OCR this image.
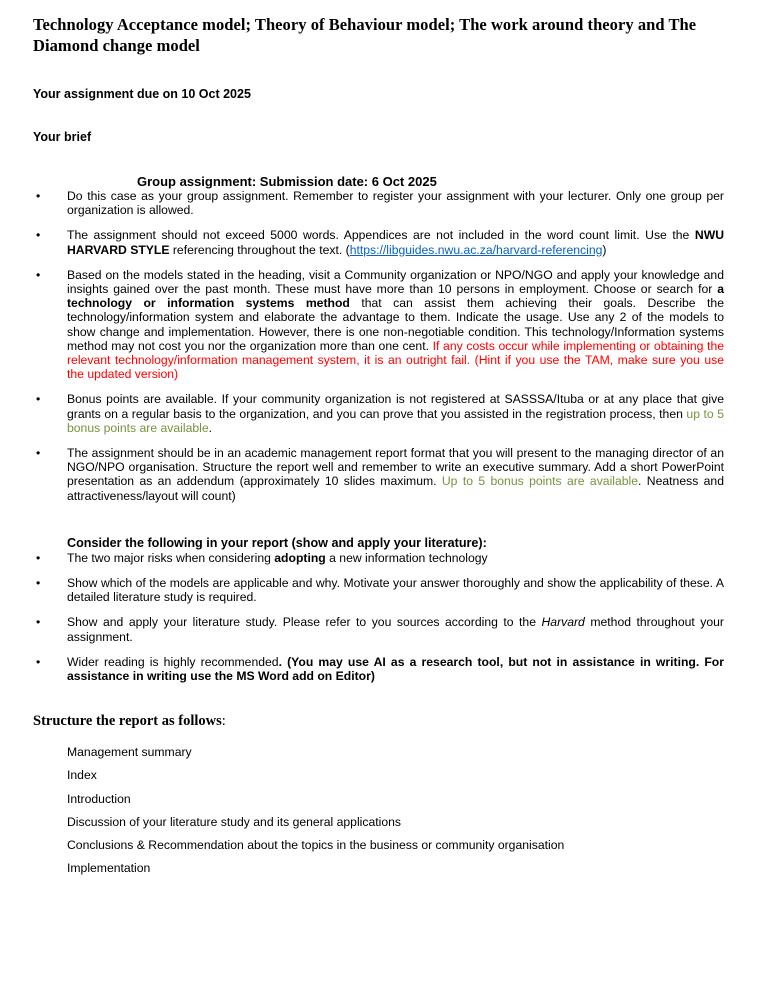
Technology Acceptance model; Theory of Behaviour model; The work around theory and The Diamond change model

Your assignment due on 10 Oct 2025

Your brief

Group assignment: Submission date: 6 Oct 2025

• Do this case as your group assignment. Remember to register your assignment with your lecturer. Only one group per organization is allowed.
• The assignment should not exceed 5000 words. Appendices are not included in the word count limit. Use the NWU HARVARD STYLE referencing throughout the text. (https://libguides.nwu.ac.za/harvard-referencing)
• Based on the models stated in the heading, visit a Community organization or NPO/NGO and apply your knowledge and insights gained over the past month. These must have more than 10 persons in employment. Choose or search for a technology or information systems method that can assist them achieving their goals. Describe the technology/information system and elaborate the advantage to them. Indicate the usage. Use any 2 of the models to show change and implementation. However, there is one non-negotiable condition. This technology/Information systems method may not cost you nor the organization more than one cent. If any costs occur while implementing or obtaining the relevant technology/information management system, it is an outright fail. (Hint if you use the TAM, make sure you use the updated version)
• Bonus points are available. If your community organization is not registered at SASSSA/Ituba or at any place that give grants on a regular basis to the organization, and you can prove that you assisted in the registration process, then up to 5 bonus points are available.
• The assignment should be in an academic management report format that you will present to the managing director of an NGO/NPO organisation. Structure the report well and remember to write an executive summary. Add a short PowerPoint presentation as an addendum (approximately 10 slides maximum. Up to 5 bonus points are available. Neatness and attractiveness/layout will count)

Consider the following in your report (show and apply your literature):

• The two major risks when considering adopting a new information technology
• Show which of the models are applicable and why. Motivate your answer thoroughly and show the applicability of these. A detailed literature study is required.
• Show and apply your literature study. Please refer to you sources according to the Harvard method throughout your assignment.
• Wider reading is highly recommended. (You may use AI as a research tool, but not in assistance in writing. For assistance in writing use the MS Word add on Editor)

Structure the report as follows:

Management summary
Index
Introduction
Discussion of your literature study and its general applications
Conclusions & Recommendation about the topics in the business or community organisation
Implementation
